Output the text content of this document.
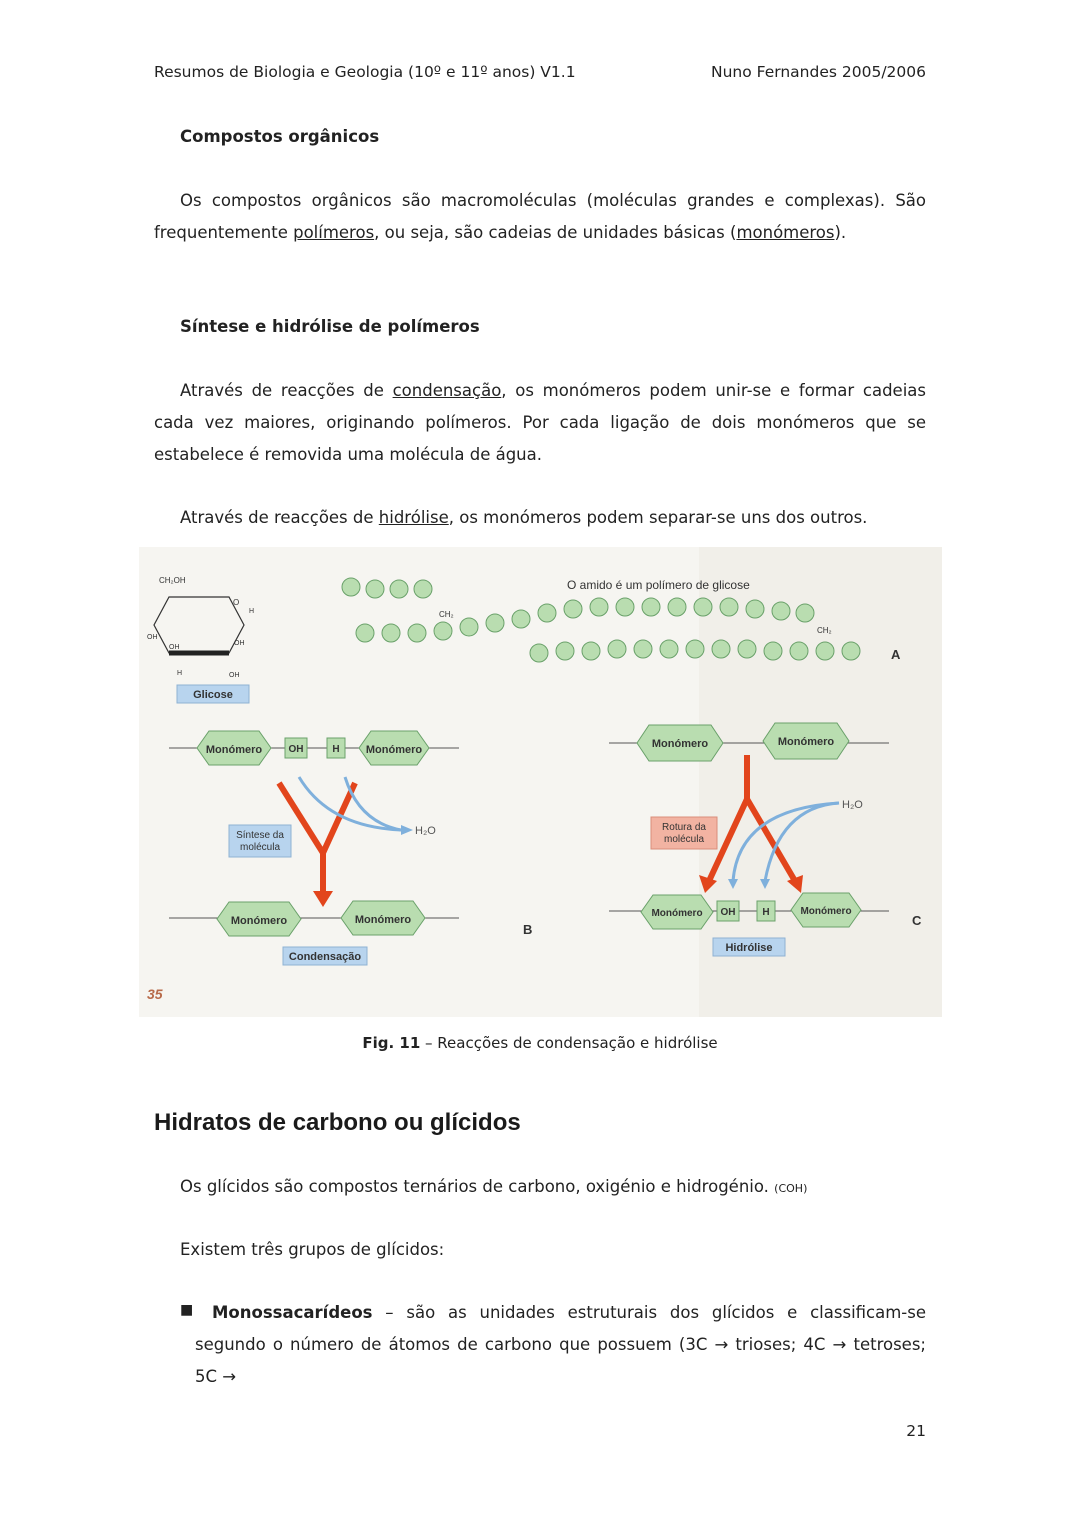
Resumos de Biologia e Geologia (10º e 11º anos) V1.1	Nuno Fernandes 2005/2006
Compostos orgânicos
Os compostos orgânicos são macromoléculas (moléculas grandes e complexas). São frequentemente polímeros, ou seja, são cadeias de unidades básicas (monómeros).
Síntese e hidrólise de polímeros
Através de reacções de condensação, os monómeros podem unir-se e formar cadeias cada vez maiores, originando polímeros. Por cada ligação de dois monómeros que se estabelece é removida uma molécula de água.
Através de reacções de hidrólise, os monómeros podem separar-se uns dos outros.
CH₂OH
O
OH
OH
OH
OH
H
H
Glicose
CH₂
CH₂
O amido é um polímero de glicose
A
Monómero	OH	H Monómero
H₂O
Síntese da
molécula
Monómero	Monómero
Condensação
B
Monómero	Monómero
H₂O
Rotura da
molécula
Monómero OH	H	Monómero
Hidrólise
C
35
Fig. 11 – Reacções de condensação e hidrólise
Hidratos de carbono ou glícidos
Os glícidos são compostos ternários de carbono, oxigénio e hidrogénio. (COH)
Existem três grupos de glícidos:
■	Monossacarídeos – são as unidades estruturais dos glícidos e classificam-se segundo o número de átomos de carbono que possuem (3C → trioses; 4C → tetroses; 5C →
21
